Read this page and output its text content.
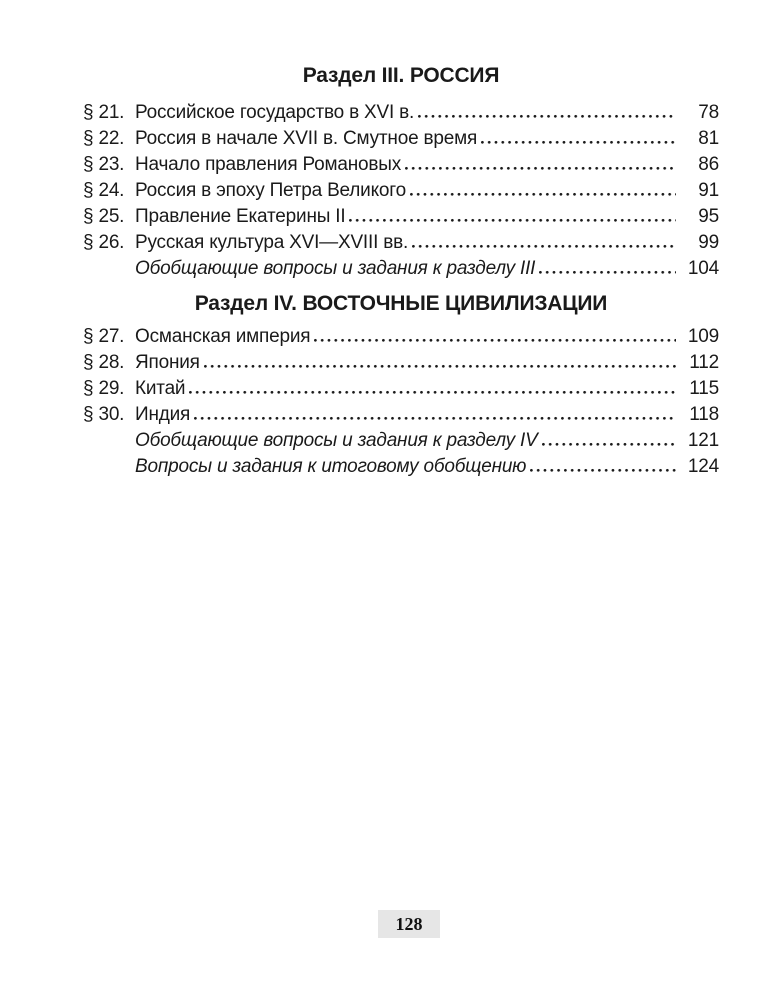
Раздел III. РОССИЯ
§ 21. Российское государство в XVI в.	78
§ 22. Россия в начале XVII в. Смутное время	81
§ 23. Начало правления Романовых	86
§ 24. Россия в эпоху Петра Великого	91
§ 25. Правление Екатерины II	95
§ 26. Русская культура XVI—XVIII вв.	99
Обобщающие вопросы и задания к разделу III	104
Раздел IV. ВОСТОЧНЫЕ ЦИВИЛИЗАЦИИ
§ 27. Османская империя	109
§ 28. Япония	112
§ 29. Китай	115
§ 30. Индия	118
Обобщающие вопросы и задания к разделу IV	121
Вопросы и задания к итоговому обобщению	124
128
